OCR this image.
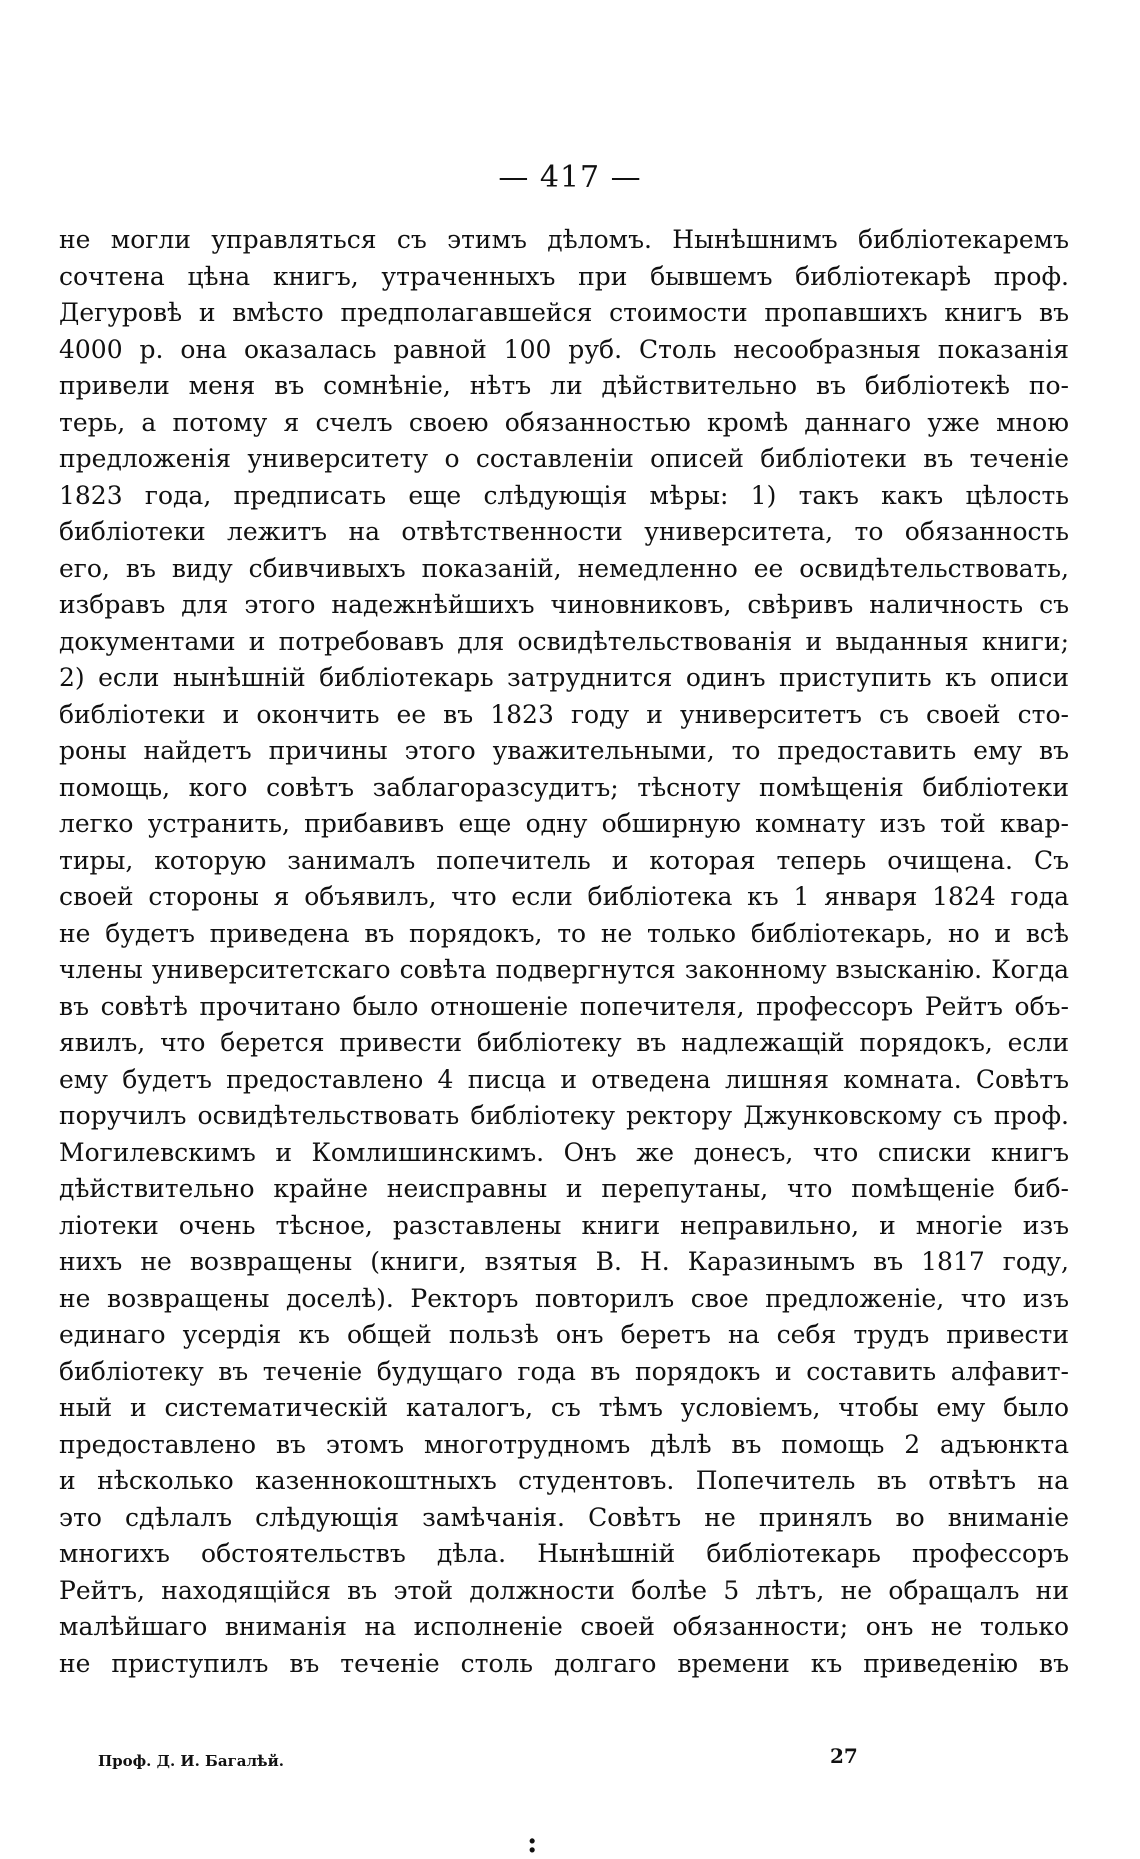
— 417 —
не могли управляться съ этимъ дѣломъ. Нынѣшнимъ библіотекаремъ
сочтена цѣна книгъ, утраченныхъ при бывшемъ библіотекарѣ проф.
Дегуровѣ и вмѣсто предполагавшейся стоимости пропавшихъ книгъ въ
4000 р. она оказалась равной 100 руб. Столь несообразныя показанія
привели меня въ сомнѣніе, нѣтъ ли дѣйствительно въ библіотекѣ по-
терь, а потому я счелъ своею обязанностью кромѣ даннаго уже мною
предложенія университету о составленіи описей библіотеки въ теченіе
1823 года, предписать еще слѣдующія мѣры: 1) такъ какъ цѣлость
библіотеки лежитъ на отвѣтственности университета, то обязанность
его, въ виду сбивчивыхъ показаній, немедленно ее освидѣтельствовать,
избравъ для этого надежнѣйшихъ чиновниковъ, свѣривъ наличность съ
документами и потребовавъ для освидѣтельствованія и выданныя книги;
2) если нынѣшній библіотекарь затруднится одинъ приступить къ описи
библіотеки и окончить ее въ 1823 году и университетъ съ своей сто-
роны найдетъ причины этого уважительными, то предоставить ему въ
помощь, кого совѣтъ заблагоразсудитъ; тѣсноту помѣщенія библіотеки
легко устранить, прибавивъ еще одну обширную комнату изъ той квар-
тиры, которую занималъ попечитель и которая теперь очищена. Съ
своей стороны я объявилъ, что если библіотека къ 1 января 1824 года
не будетъ приведена въ порядокъ, то не только библіотекарь, но и всѣ
члены университетскаго совѣта подвергнутся законному взысканію. Когда
въ совѣтѣ прочитано было отношеніе попечителя, профессоръ Рейтъ объ-
явилъ, что берется привести библіотеку въ надлежащій порядокъ, если
ему будетъ предоставлено 4 писца и отведена лишняя комната. Совѣтъ
поручилъ освидѣтельствовать библіотеку ректору Джунковскому съ проф.
Могилевскимъ и Комлишинскимъ. Онъ же донесъ, что списки книгъ
дѣйствительно крайне неисправны и перепутаны, что помѣщеніе биб-
ліотеки очень тѣсное, разставлены книги неправильно, и многіе изъ
нихъ не возвращены (книги, взятыя В. Н. Каразинымъ въ 1817 году,
не возвращены доселѣ). Ректоръ повторилъ свое предложеніе, что изъ
единаго усердія къ общей пользѣ онъ беретъ на себя трудъ привести
библіотеку въ теченіе будущаго года въ порядокъ и составить алфавит-
ный и систематическій каталогъ, съ тѣмъ условіемъ, чтобы ему было
предоставлено въ этомъ многотрудномъ дѣлѣ въ помощь 2 адъюнкта
и нѣсколько казеннокоштныхъ студентовъ. Попечитель въ отвѣтъ на
это сдѣлалъ слѣдующія замѣчанія. Совѣтъ не принялъ во вниманіе
многихъ обстоятельствъ дѣла. Нынѣшній библіотекарь профессоръ
Рейтъ, находящійся въ этой должности болѣе 5 лѣтъ, не обращалъ ни
малѣйшаго вниманія на исполненіе своей обязанности; онъ не только
не приступилъ въ теченіе столь долгаго времени къ приведенію въ
Проф. Д. И. Багалѣй.	27
:
